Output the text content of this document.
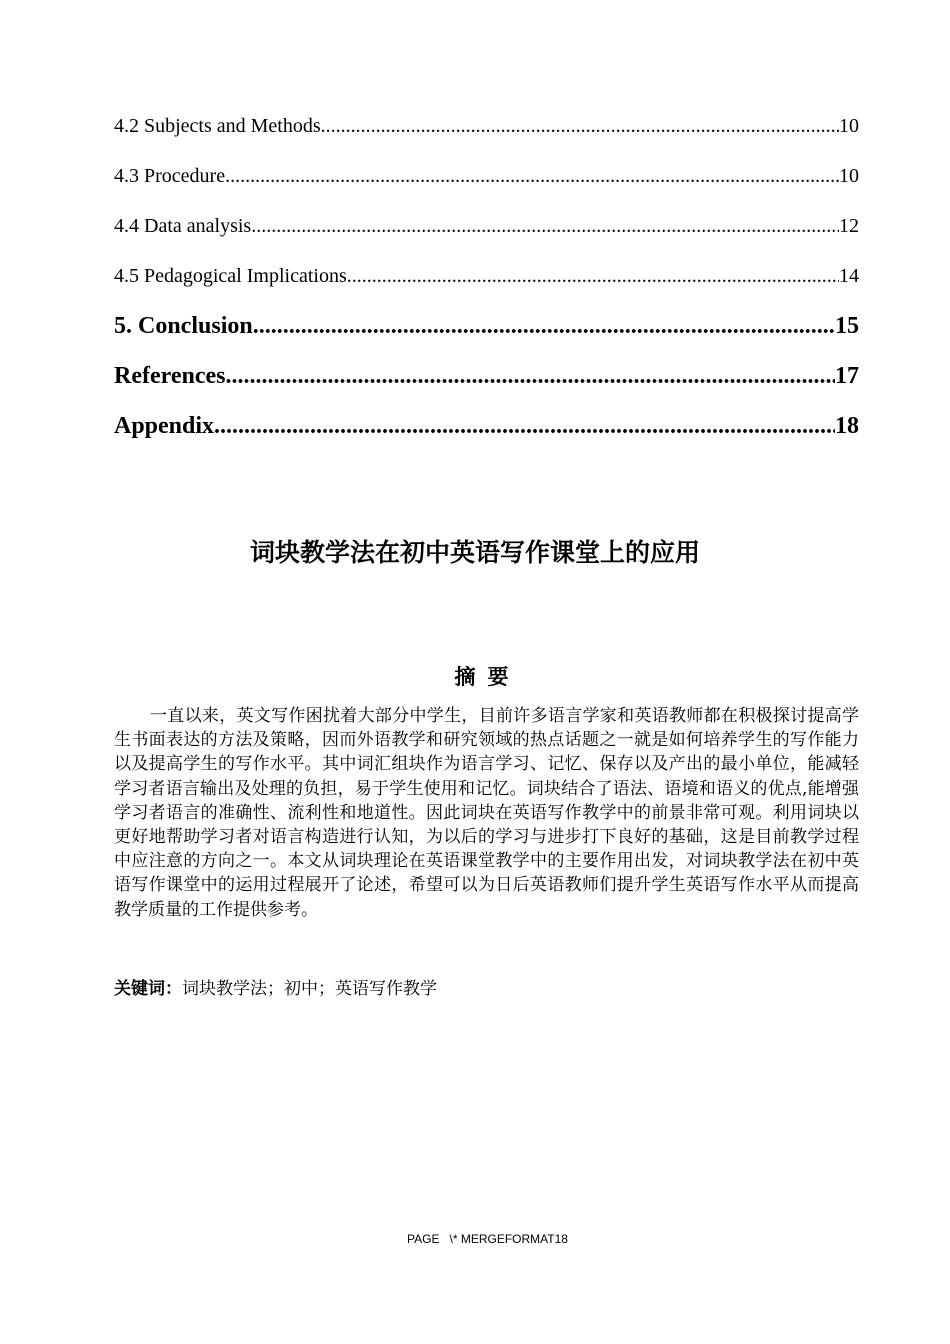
4.2 Subjects and Methods .....	10
4.3 Procedure .....	10
4.4 Data analysis .....	12
4.5 Pedagogical Implications .....	14
5. Conclusion .....	15
References .....	17
Appendix .....	18
词块教学法在初中英语写作课堂上的应用
摘要

一直以来，英文写作困扰着大部分中学生，目前许多语言学家和英语教师都在积极探讨提高学生书面表达的方法及策略，因而外语教学和研究领域的热点话题之一就是如何培养学生的写作能力以及提高学生的写作水平。其中词汇组块作为语言学习、记忆、保存以及产出的最小单位，能减轻学习者语言输出及处理的负担，易于学生使用和记忆。词块结合了语法、语境和语义的优点,能增强学习者语言的准确性、流利性和地道性。因此词块在英语写作教学中的前景非常可观。利用词块以更好地帮助学习者对语言构造进行认知，为以后的学习与进步打下良好的基础，这是目前教学过程中应注意的方向之一。本文从词块理论在英语课堂教学中的主要作用出发，对词块教学法在初中英语写作课堂中的运用过程展开了论述，希望可以为日后英语教师们提升学生英语写作水平从而提高教学质量的工作提供参考。

关键词：词块教学法；初中；英语写作教学

PAGE   \* MERGEFORMAT18
